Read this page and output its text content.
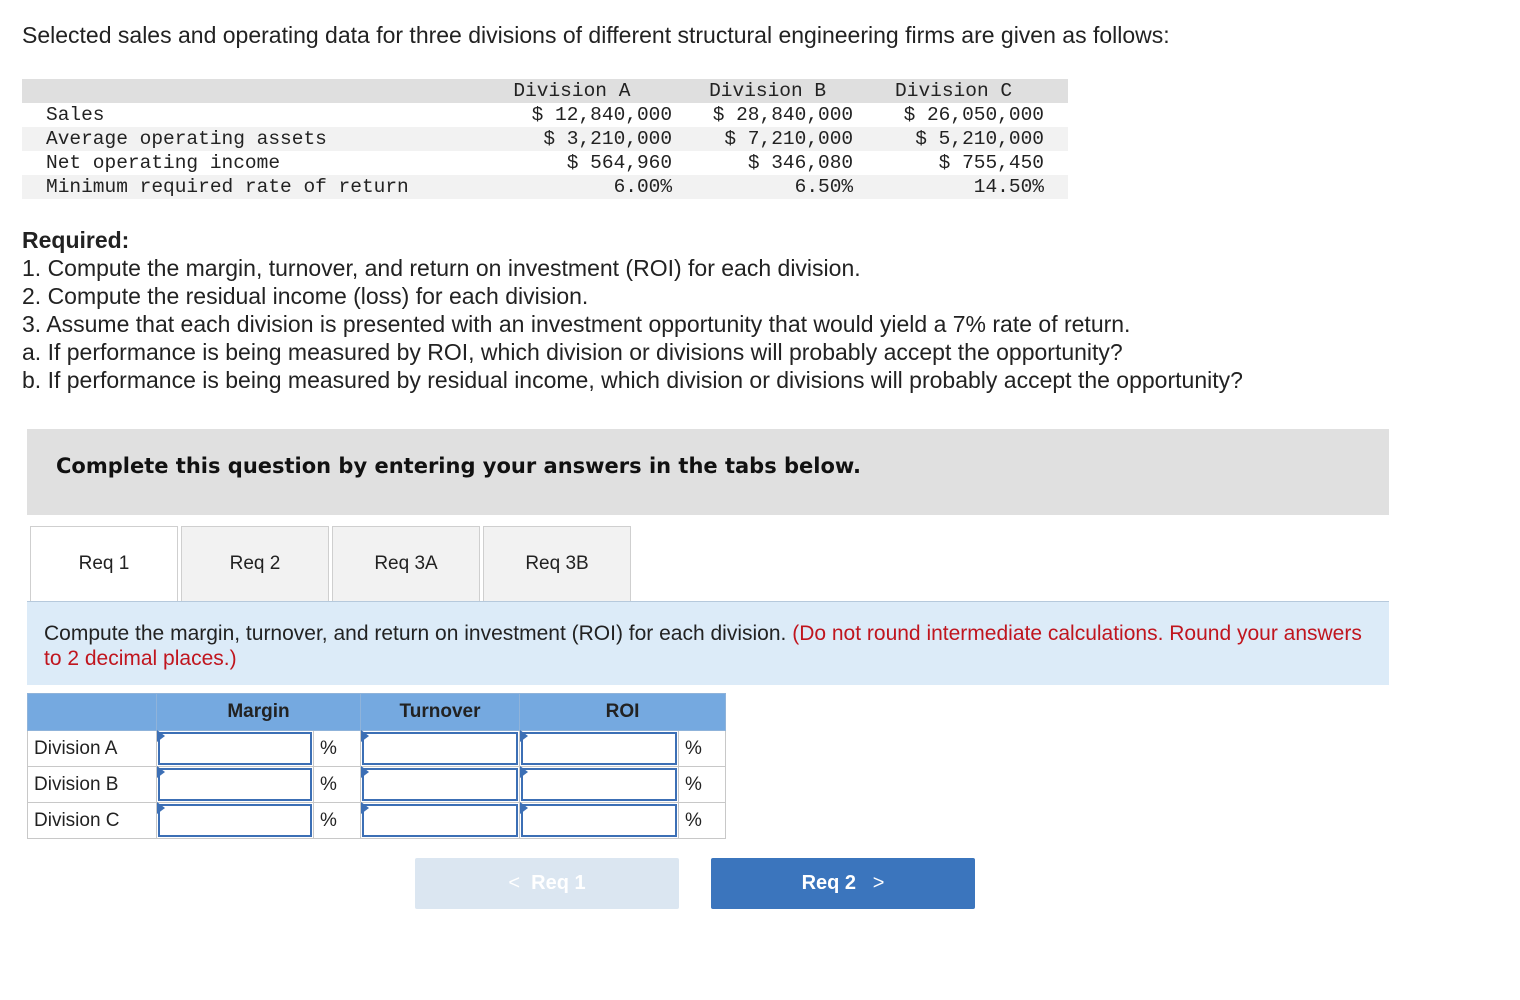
Selected sales and operating data for three divisions of different structural engineering firms are given as follows:
	Division A	Division B	Division C
Sales	$ 12,840,000	$ 28,840,000	$ 26,050,000
Average operating assets	$ 3,210,000	$ 7,210,000	$ 5,210,000
Net operating income	$ 564,960	$ 346,080	$ 755,450
Minimum required rate of return	6.00%	6.50%	14.50%
Required:
1. Compute the margin, turnover, and return on investment (ROI) for each division.
2. Compute the residual income (loss) for each division.
3. Assume that each division is presented with an investment opportunity that would yield a 7% rate of return.
a. If performance is being measured by ROI, which division or divisions will probably accept the opportunity?
b. If performance is being measured by residual income, which division or divisions will probably accept the opportunity?
Complete this question by entering your answers in the tabs below.
Req 1	Req 2	Req 3A	Req 3B

Compute the margin, turnover, and return on investment (ROI) for each division. (Do not round intermediate calculations. Round your answers to 2 decimal places.)

	Margin		Turnover	ROI	
Division A		%			%
Division B		%			%
Division C		%			%
< Req 1	Req 2 >
